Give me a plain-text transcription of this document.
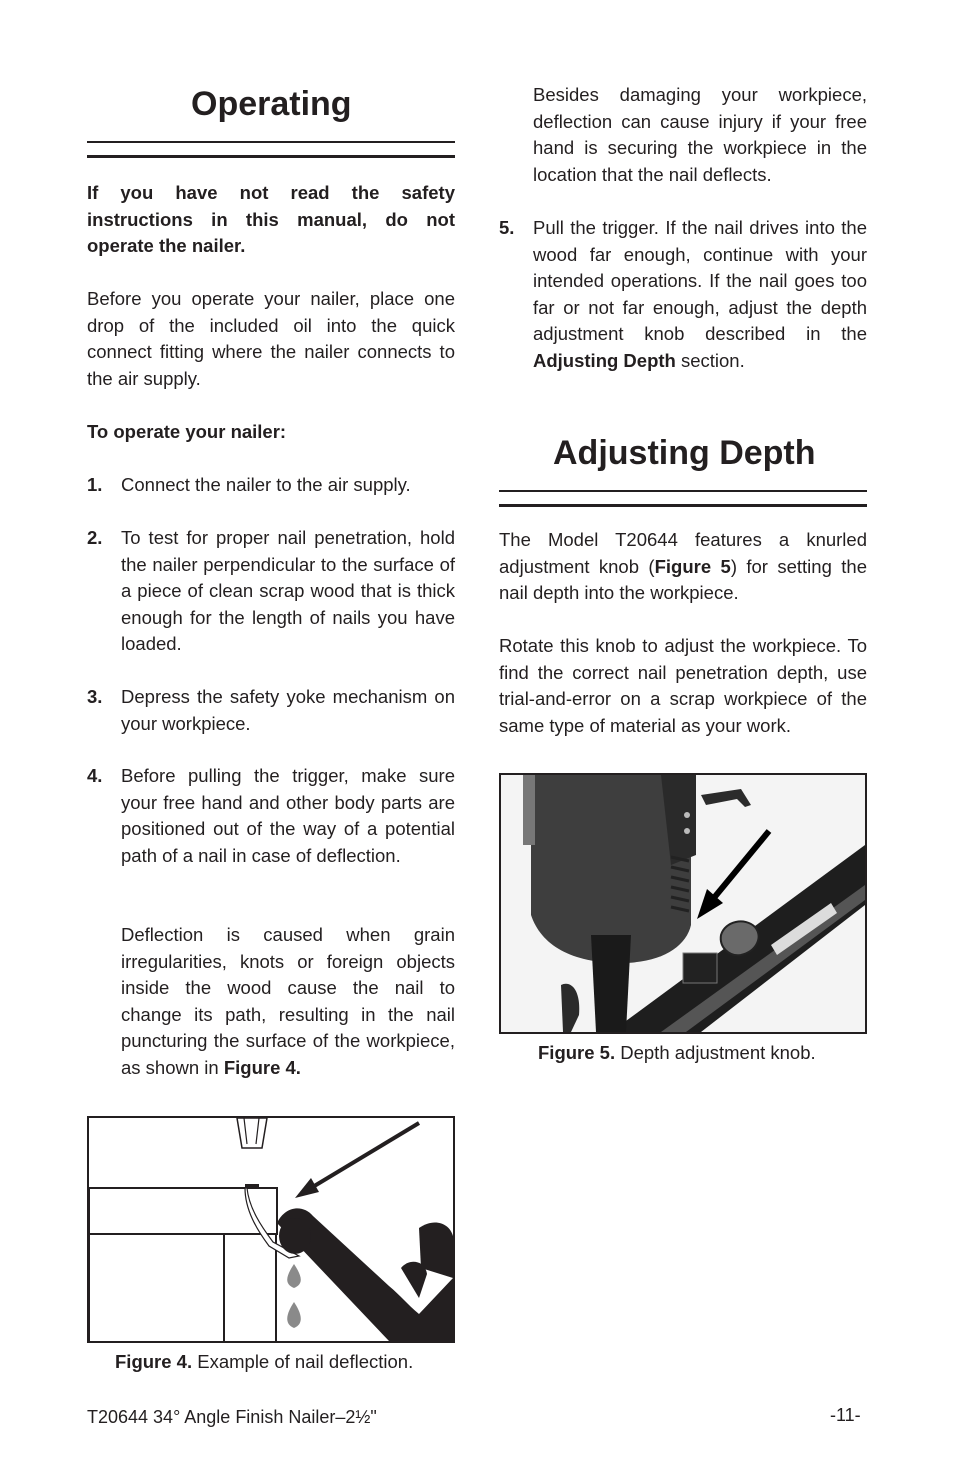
Operating

If you have not read the safety instructions in this manual, do not operate the nailer.

Before you operate your nailer, place one drop of the included oil into the quick connect fitting where the nailer connects to the air supply.

To operate your nailer:

1. Connect the nailer to the air supply.
2. To test for proper nail penetration, hold the nailer perpendicular to the surface of a piece of clean scrap wood that is thick enough for the length of nails you have loaded.
3. Depress the safety yoke mechanism on your workpiece.
4. Before pulling the trigger, make sure your free hand and other body parts are positioned out of the way of a potential path of a nail in case of deflection.

Deflection is caused when grain irregularities, knots or foreign objects inside the wood cause the nail to change its path, resulting in the nail puncturing the surface of the workpiece, as shown in Figure 4.

Figure 4. Example of nail deflection.

Besides damaging your workpiece, deflection can cause injury if your free hand is securing the workpiece in the location that the nail deflects.

5. Pull the trigger. If the nail drives into the wood far enough, continue with your intended operations. If the nail goes too far or not far enough, adjust the depth adjustment knob described in the Adjusting Depth section.
Adjusting Depth

The Model T20644 features a knurled adjustment knob (Figure 5) for setting the nail depth into the workpiece.

Rotate this knob to adjust the workpiece. To find the correct nail penetration depth, use trial-and-error on a scrap workpiece of the same type of material as your work.

Figure 5. Depth adjustment knob.
T20644 34° Angle Finish Nailer–2½"	-11-
